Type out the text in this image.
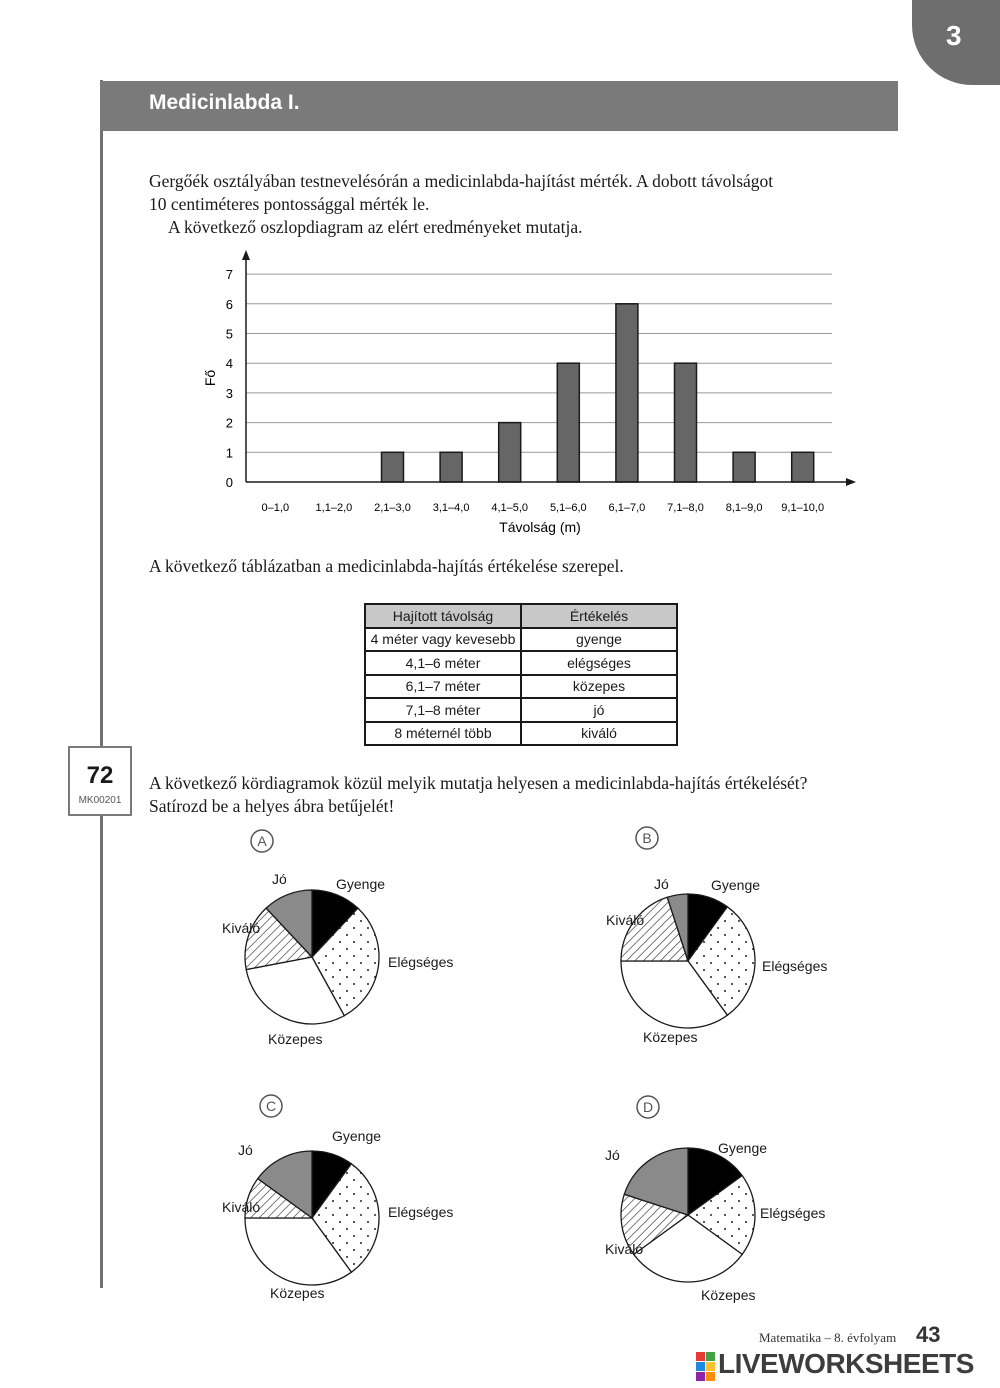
3
Medicinlabda I.
Gergőék osztályában testnevelésórán a medicinlabda-hajítást mérték. A dobott távolságot
10 centiméteres pontossággal mérték le.
A következő oszlopdiagram az elért eredményeket mutatja.
0
1
2
3
4
5
6
7
0–1,0 1,1–2,0 2,1–3,0 3,1–4,0 4,1–5,0 5,1–6,0 6,1–7,0 7,1–8,0 8,1–9,0 9,1–10,0
Fő
Távolság (m)
A következő táblázatban a medicinlabda-hajítás értékelése szerepel.
Hajított távolság	Értékelés
4 méter vagy kevesebb	gyenge
4,1–6 méter	elégséges
6,1–7 méter	közepes
7,1–8 méter	jó
8 méternél több	kiváló
72
MK00201
A következő kördiagramok közül melyik mutatja helyesen a medicinlabda-hajítás értékelését?
Satírozd be a helyes ábra betűjelét!
Gyenge
Elégséges
Közepes
Jó
Kiváló
A
Gyenge
Elégséges
Közepes
Jó
Kiváló
B
Gyenge
Elégséges
Közepes
Jó
Kiváló
C
Gyenge
Elégséges
Közepes
Jó
Kiváló
D
Matematika – 8. évfolyam 43
LIVEWORKSHEETS
